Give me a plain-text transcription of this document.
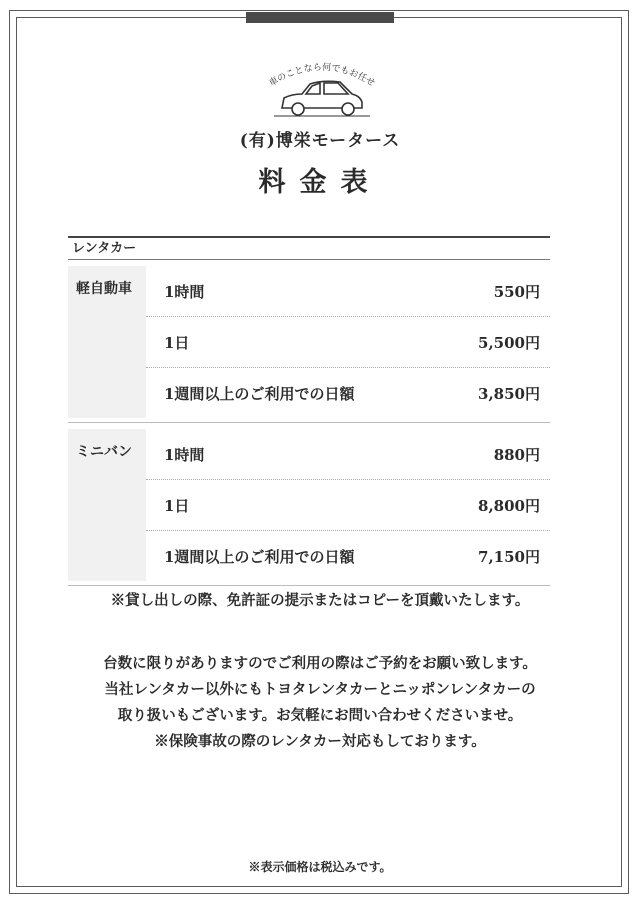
車のことなら何でもお任せ
(有)博栄モータース
料金表
レンタカー
軽自動車	1時間	550円
1日	5,500円
1週間以上のご利用での日額	3,850円
ミニバン	1時間	880円
1日	8,800円
1週間以上のご利用での日額	7,150円
※貸し出しの際、免許証の提示またはコピーを頂戴いたします。
台数に限りがありますのでご利用の際はご予約をお願い致します。
当社レンタカー以外にもトヨタレンタカーとニッポンレンタカーの
取り扱いもございます。お気軽にお問い合わせくださいませ。
※保険事故の際のレンタカー対応もしております。
※表示価格は税込みです。
